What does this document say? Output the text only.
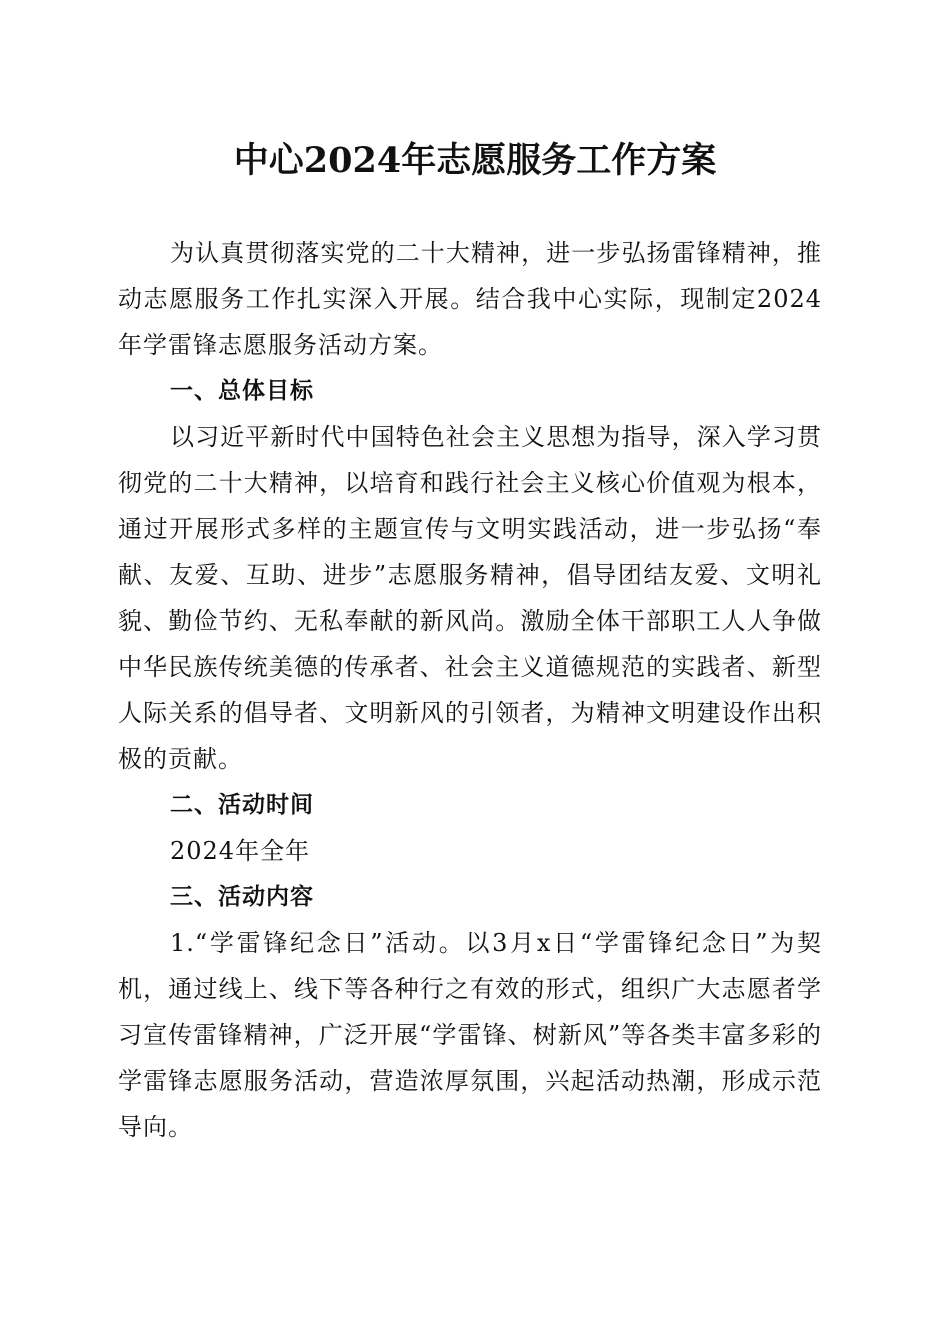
中心2024年志愿服务工作方案

为认真贯彻落实党的二十大精神，进一步弘扬雷锋精神，推动志愿服务工作扎实深入开展。结合我中心实际，现制定2024年学雷锋志愿服务活动方案。

一、总体目标

以习近平新时代中国特色社会主义思想为指导，深入学习贯彻党的二十大精神，以培育和践行社会主义核心价值观为根本，通过开展形式多样的主题宣传与文明实践活动，进一步弘扬“奉献、友爱、互助、进步”志愿服务精神，倡导团结友爱、文明礼貌、勤俭节约、无私奉献的新风尚。激励全体干部职工人人争做中华民族传统美德的传承者、社会主义道德规范的实践者、新型人际关系的倡导者、文明新风的引领者，为精神文明建设作出积极的贡献。

二、活动时间

2024年全年

三、活动内容

1.“学雷锋纪念日”活动。以3月x日“学雷锋纪念日”为契机，通过线上、线下等各种行之有效的形式，组织广大志愿者学习宣传雷锋精神，广泛开展“学雷锋、树新风”等各类丰富多彩的学雷锋志愿服务活动，营造浓厚氛围，兴起活动热潮，形成示范导向。
